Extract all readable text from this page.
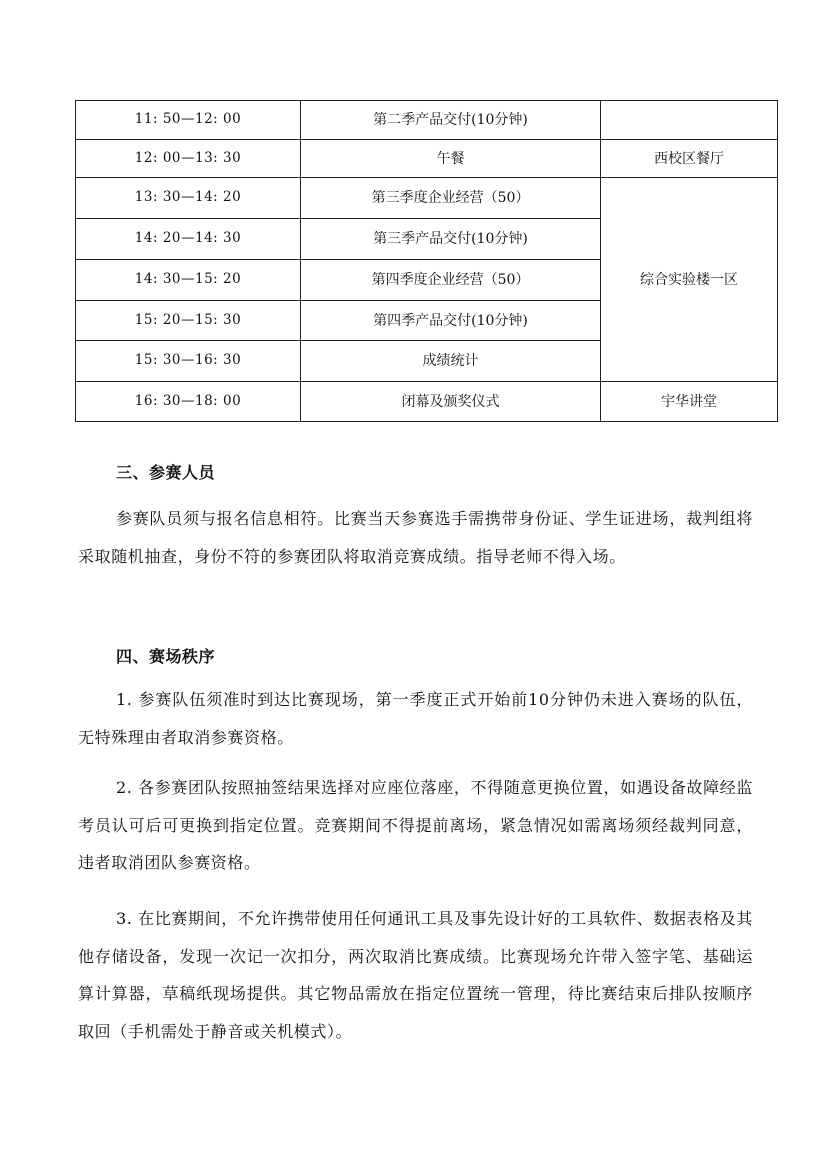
11: 50—12: 00	第二季产品交付(10分钟)	
12: 00—13: 30	午餐	西校区餐厅
13: 30—14: 20	第三季度企业经营（50）	综合实验楼一区
14: 20—14: 30	第三季产品交付(10分钟)	
14: 30—15: 20	第四季度企业经营（50）	
15: 20—15: 30	第四季产品交付(10分钟)	
15: 30—16: 30	成绩统计	
16: 30—18: 00	闭幕及颁奖仪式	宇华讲堂
三、参赛人员

参赛队员须与报名信息相符。比赛当天参赛选手需携带身份证、学生证进场，裁判组将采取随机抽查，身份不符的参赛团队将取消竞赛成绩。指导老师不得入场。

四、赛场秩序

1. 参赛队伍须准时到达比赛现场，第一季度正式开始前10分钟仍未进入赛场的队伍，无特殊理由者取消参赛资格。

2. 各参赛团队按照抽签结果选择对应座位落座，不得随意更换位置，如遇设备故障经监考员认可后可更换到指定位置。竞赛期间不得提前离场，紧急情况如需离场须经裁判同意，违者取消团队参赛资格。

3. 在比赛期间，不允许携带使用任何通讯工具及事先设计好的工具软件、数据表格及其他存储设备，发现一次记一次扣分，两次取消比赛成绩。比赛现场允许带入签字笔、基础运算计算器，草稿纸现场提供。其它物品需放在指定位置统一管理，待比赛结束后排队按顺序取回（手机需处于静音或关机模式）。
